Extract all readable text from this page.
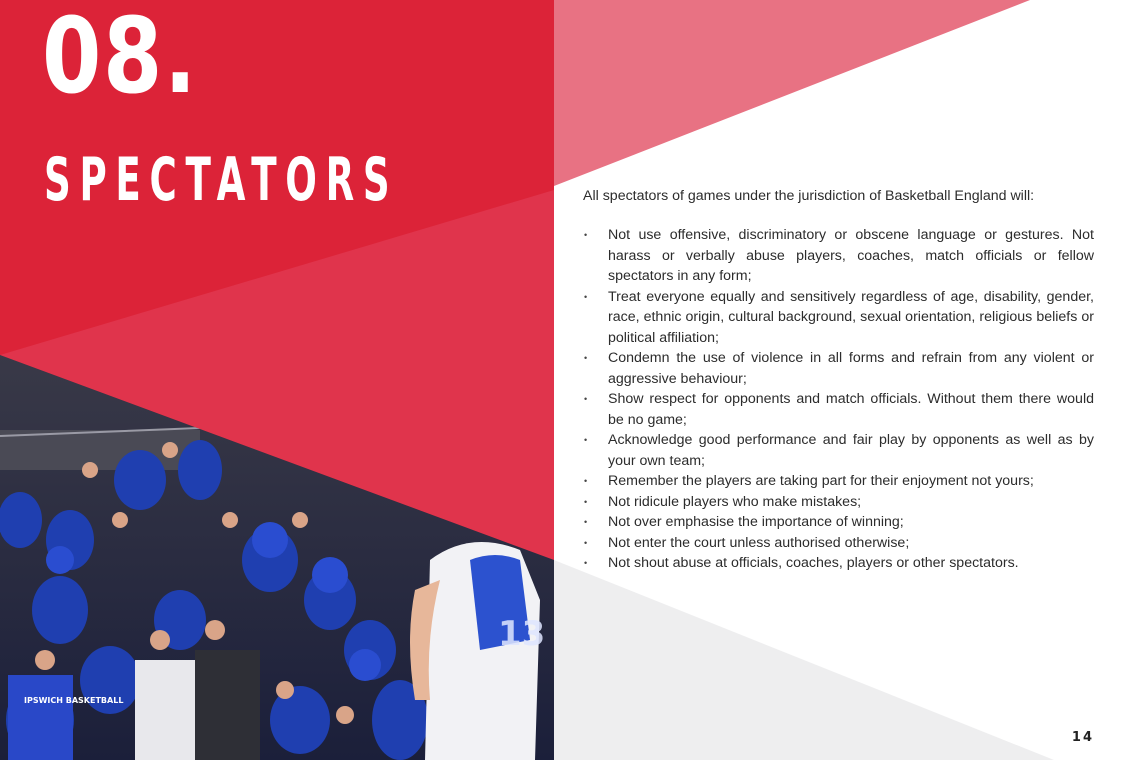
IPSWICH BASKETBALL
13
08.
SPECTATORS	All spectators of games under the jurisdiction of Basketball England will:
• Not use offensive, discriminatory or obscene language or gestures. Not harass or verbally abuse players, coaches, match officials or fellow spectators in any form;
• Treat everyone equally and sensitively regardless of age, disability, gender, race, ethnic origin, cultural background, sexual orientation, religious beliefs or political affiliation;
• Condemn the use of violence in all forms and refrain from any violent or aggressive behaviour;
• Show respect for opponents and match officials. Without them there would be no game;
• Acknowledge good performance and fair play by opponents as well as by your own team;
• Remember the players are taking part for their enjoyment not yours;
• Not ridicule players who make mistakes;
• Not over emphasise the importance of winning;
• Not enter the court unless authorised otherwise;
• Not shout abuse at officials, coaches, players or other spectators.
14
